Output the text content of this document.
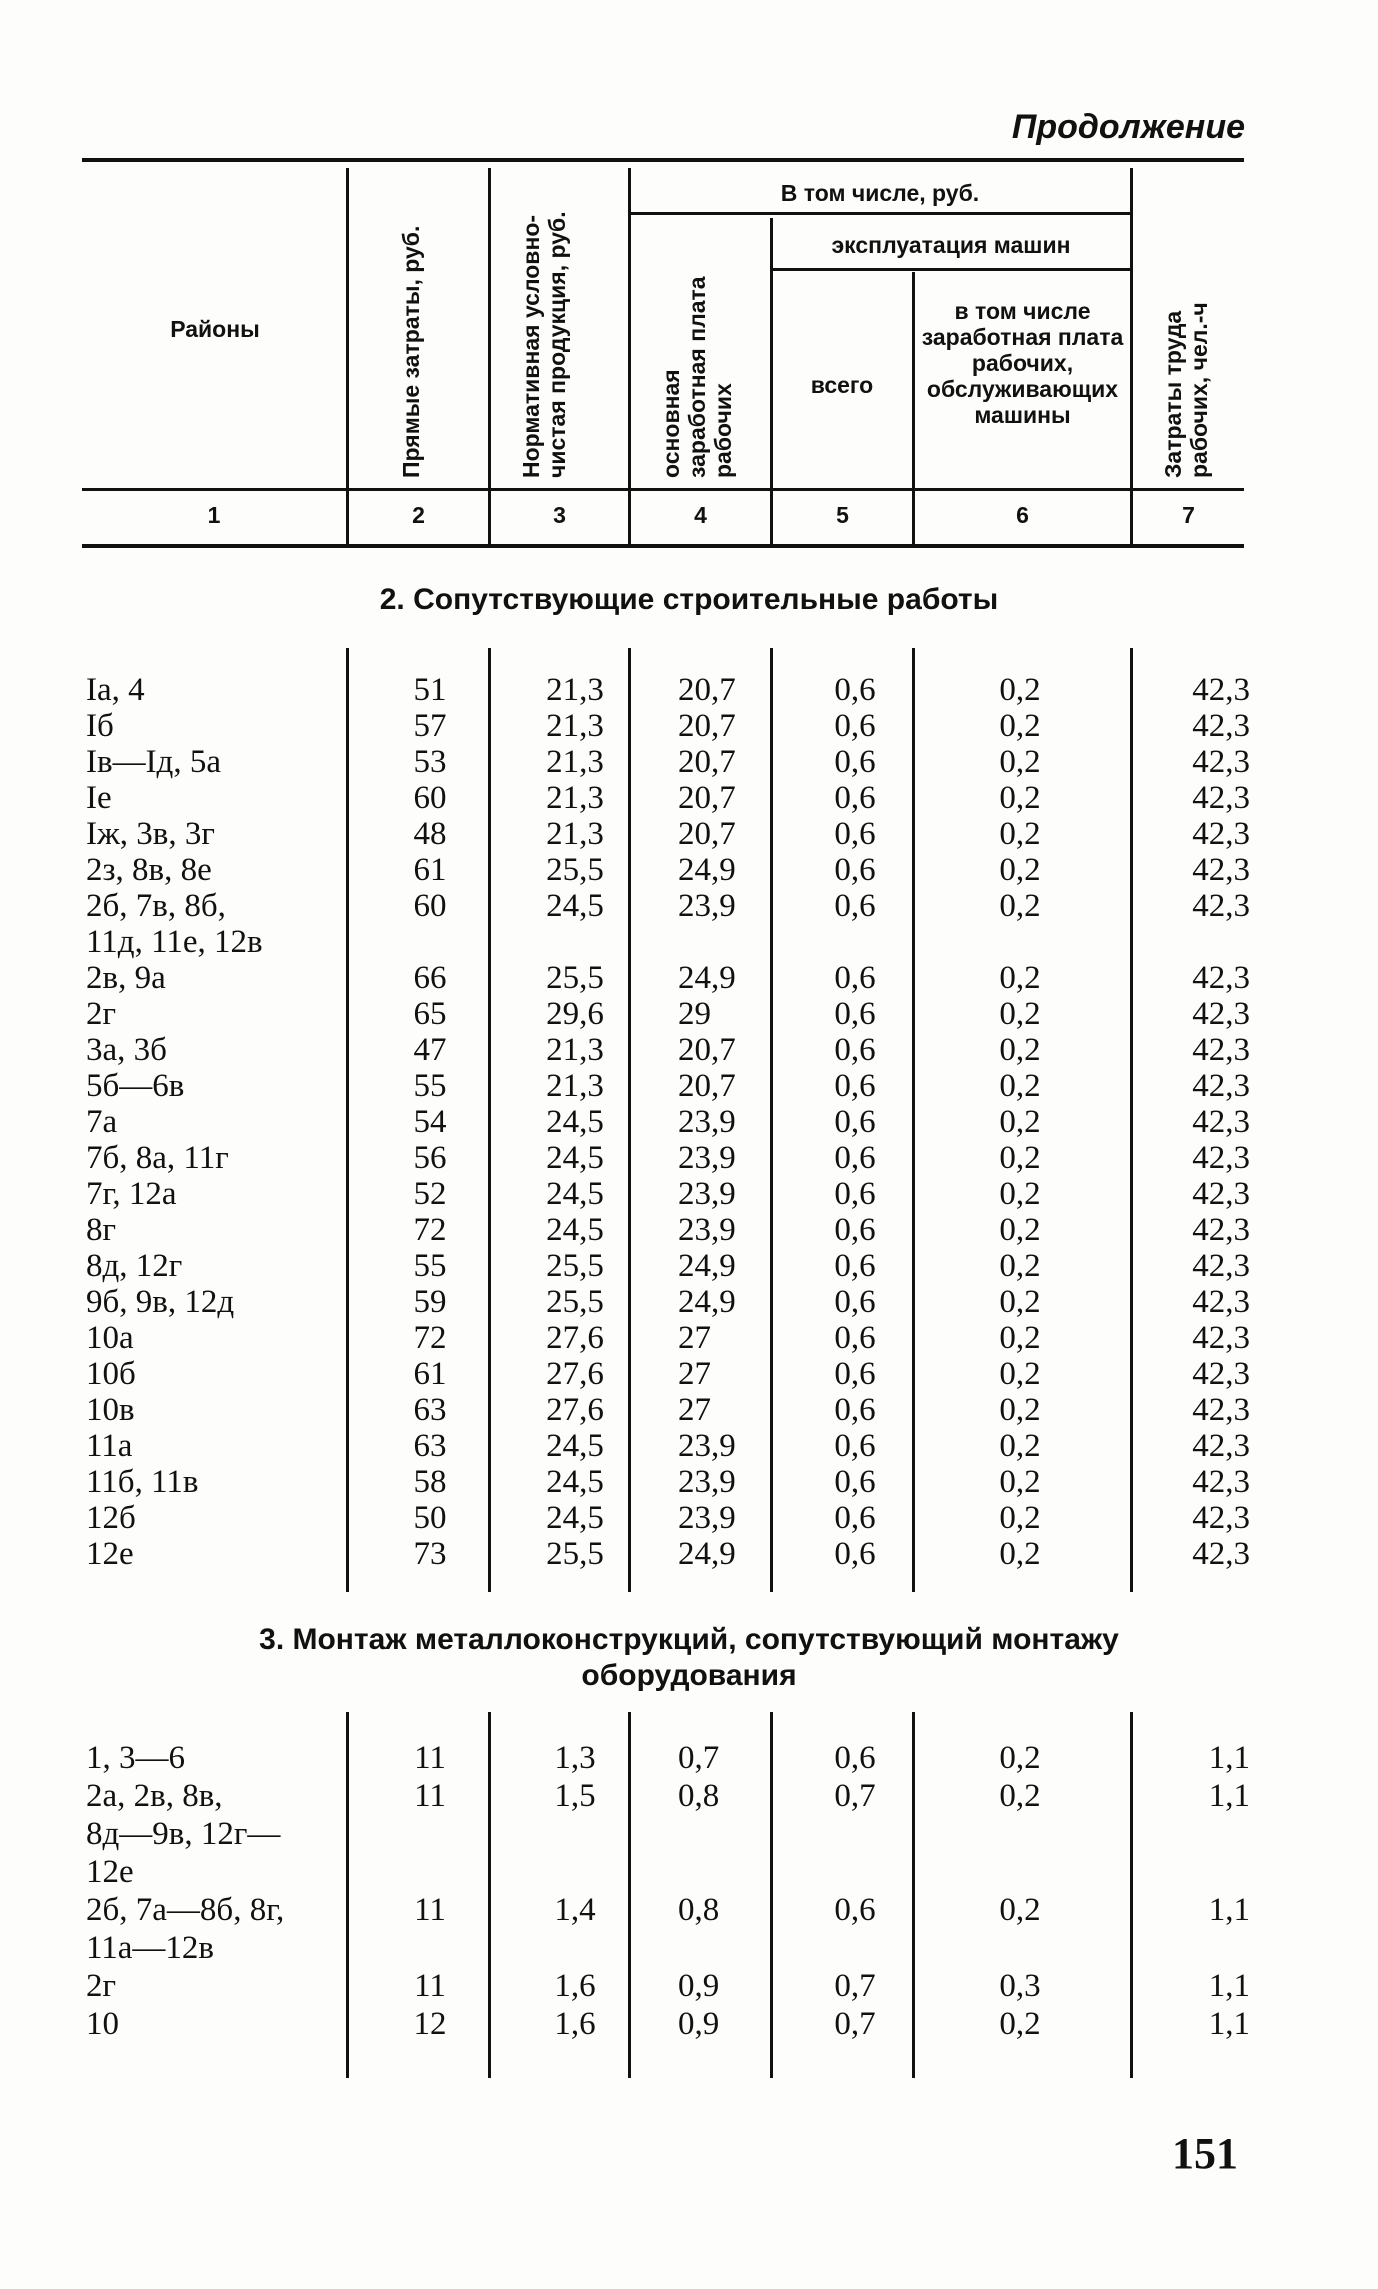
Продолжение
Районы	Прямые затраты, руб.	Нормативная условно-чистая продукция, руб.
В том числе, руб.
основная заработная плата рабочих
эксплуатация машин
всего
в том числе заработная плата рабочих, обслуживающих машины	Затраты труда рабочих, чел.-ч
1	2	3	4	5	6	7
2. Сопутствующие строительные работы
Iа, 4	51	21,3	20,7	0,6	0,2	42,3
Iб	57	21,3	20,7	0,6	0,2	42,3
Iв—Iд, 5а	53	21,3	20,7	0,6	0,2	42,3
Iе	60	21,3	20,7	0,6	0,2	42,3
Iж, 3в, 3г	48	21,3	20,7	0,6	0,2	42,3
2з, 8в, 8е	61	25,5	24,9	0,6	0,2	42,3
2б, 7в, 8б,	60	24,5	23,9	0,6	0,2	42,3
11д, 11е, 12в
2в, 9а	66	25,5	24,9	0,6	0,2	42,3
2г	65	29,6	29	0,6	0,2	42,3
3а, 3б	47	21,3	20,7	0,6	0,2	42,3
5б—6в	55	21,3	20,7	0,6	0,2	42,3
7а	54	24,5	23,9	0,6	0,2	42,3
7б, 8а, 11г	56	24,5	23,9	0,6	0,2	42,3
7г, 12а	52	24,5	23,9	0,6	0,2	42,3
8г	72	24,5	23,9	0,6	0,2	42,3
8д, 12г	55	25,5	24,9	0,6	0,2	42,3
9б, 9в, 12д	59	25,5	24,9	0,6	0,2	42,3
10а	72	27,6	27	0,6	0,2	42,3
10б	61	27,6	27	0,6	0,2	42,3
10в	63	27,6	27	0,6	0,2	42,3
11а	63	24,5	23,9	0,6	0,2	42,3
11б, 11в	58	24,5	23,9	0,6	0,2	42,3
12б	50	24,5	23,9	0,6	0,2	42,3
12е	73	25,5	24,9	0,6	0,2	42,3
3. Монтаж металлоконструкций, сопутствующий монтажу
оборудования
1, 3—6	11	1,3	0,7	0,6	0,2	1,1
2а, 2в, 8в,	11	1,5	0,8	0,7	0,2	1,1
8д—9в, 12г—
12е
2б, 7а—8б, 8г,	11	1,4	0,8	0,6	0,2	1,1
11а—12в
2г	11	1,6	0,9	0,7	0,3	1,1
10	12	1,6	0,9	0,7	0,2	1,1
151
